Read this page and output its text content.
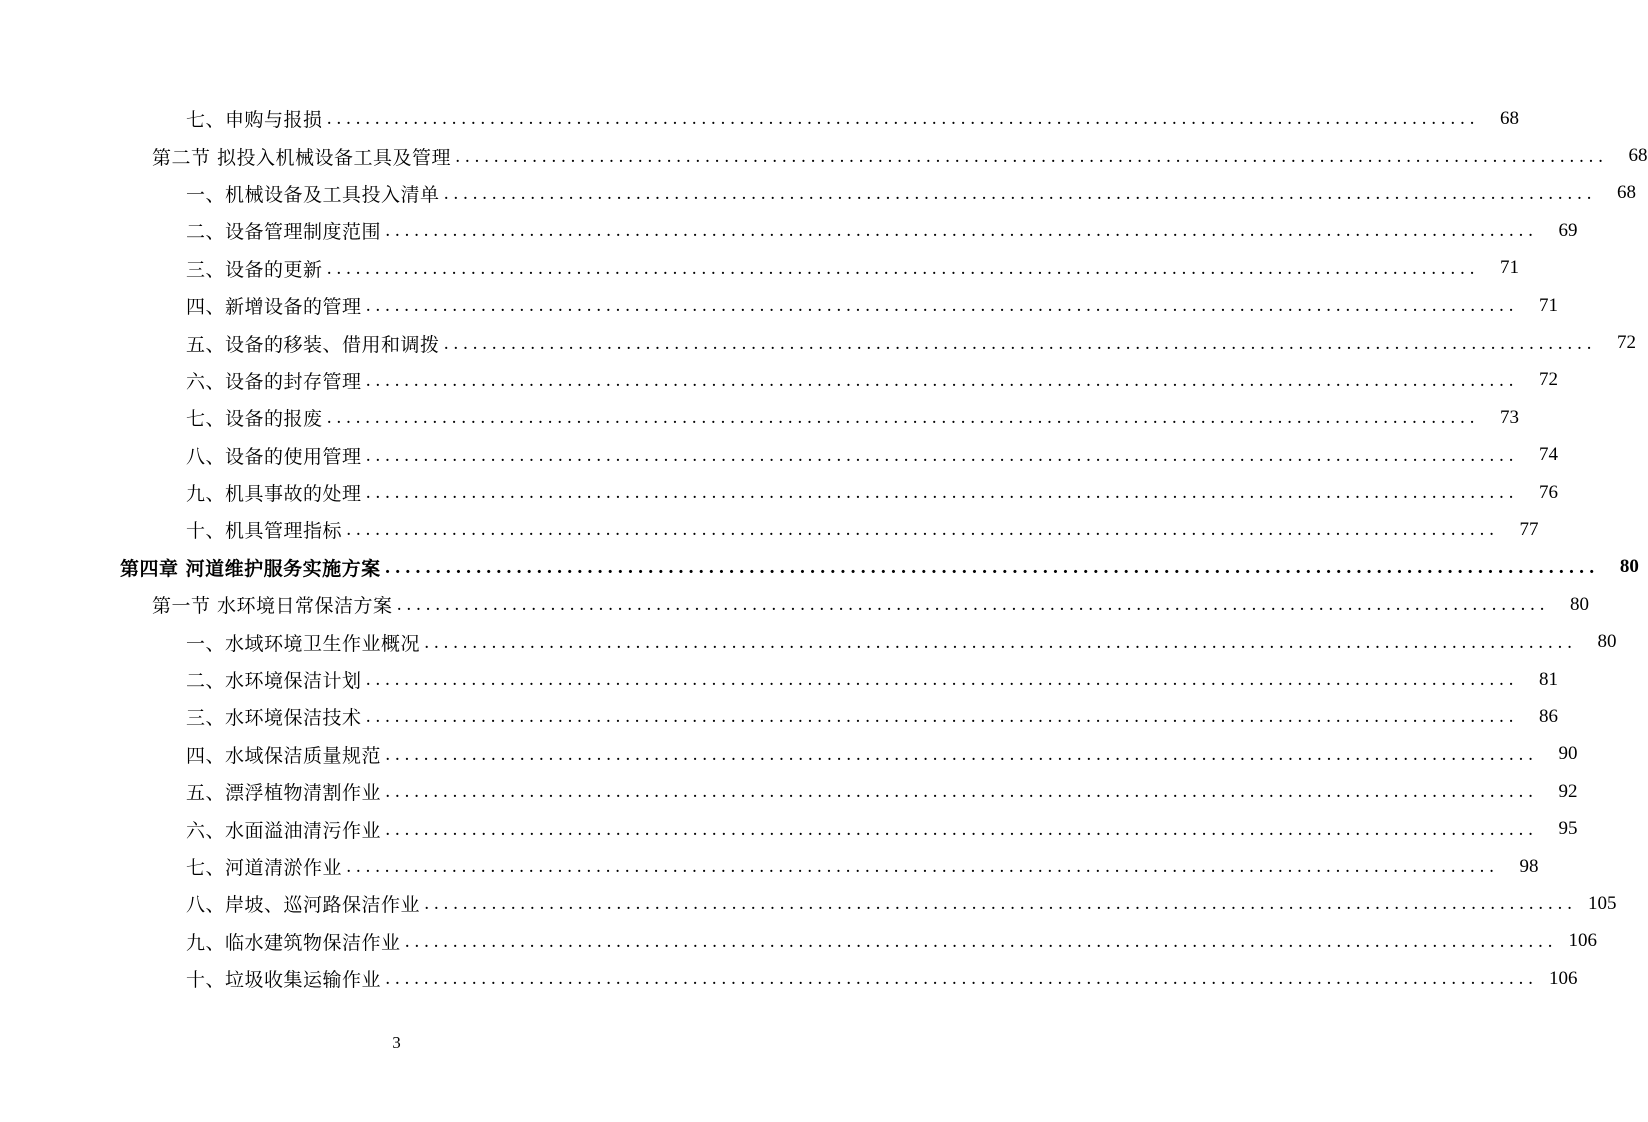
七、申购与报损 ........................................................................................................................	68
第二节 拟投入机械设备工具及管理 ........................................................................................................................	68
一、机械设备及工具投入清单 ........................................................................................................................	68
二、设备管理制度范围 ........................................................................................................................	69
三、设备的更新 ........................................................................................................................	71
四、新增设备的管理 ........................................................................................................................	71
五、设备的移装、借用和调拨 ........................................................................................................................	72
六、设备的封存管理 ........................................................................................................................	72
七、设备的报废 ........................................................................................................................	73
八、设备的使用管理 ........................................................................................................................	74
九、机具事故的处理 ........................................................................................................................	76
十、机具管理指标 ........................................................................................................................	77
第四章 河道维护服务实施方案 ........................................................................................................................	80
第一节 水环境日常保洁方案 ........................................................................................................................	80
一、水域环境卫生作业概况 ........................................................................................................................	80
二、水环境保洁计划 ........................................................................................................................	81
三、水环境保洁技术 ........................................................................................................................	86
四、水域保洁质量规范 ........................................................................................................................	90
五、漂浮植物清割作业 ........................................................................................................................	92
六、水面溢油清污作业 ........................................................................................................................	95
七、河道清淤作业 ........................................................................................................................	98
八、岸坡、巡河路保洁作业 ........................................................................................................................ 105
九、临水建筑物保洁作业 ........................................................................................................................ 106
十、垃圾收集运输作业 ........................................................................................................................ 106
3
